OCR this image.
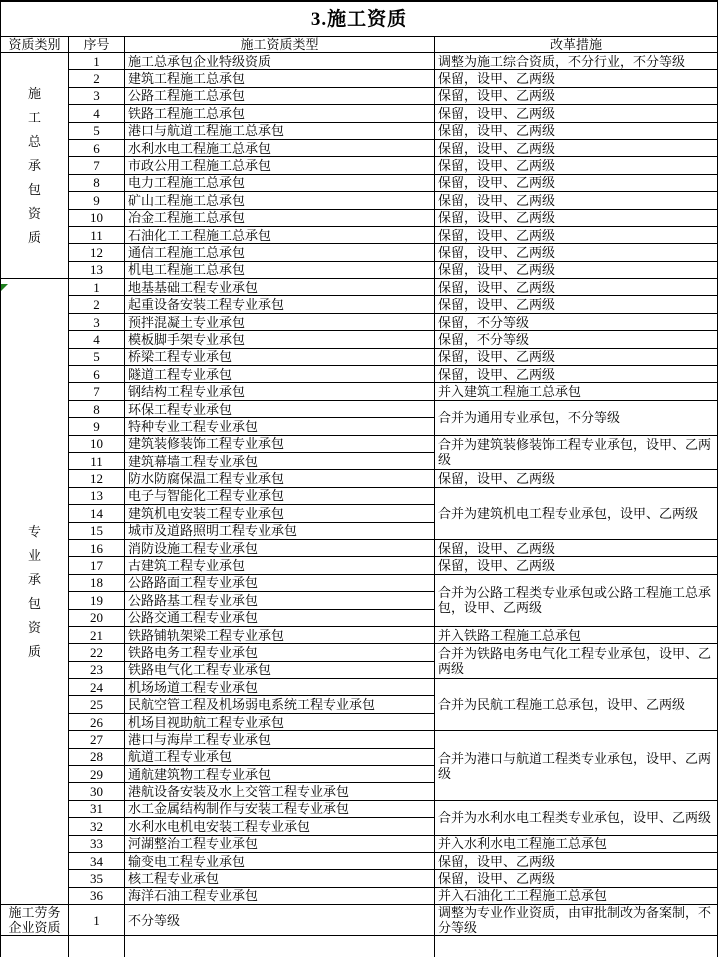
3.施工资质			
资质类别	序号	施工资质类型	改革措施

施
工
总
承
包
资
质
	1	施工总承包企业特级资质	调整为施工综合资质，不分行业，不分等级
	2	建筑工程施工总承包	保留，设甲、乙两级
	3	公路工程施工总承包	保留，设甲、乙两级
	4	铁路工程施工总承包	保留，设甲、乙两级
	5	港口与航道工程施工总承包	保留，设甲、乙两级
	6	水利水电工程施工总承包	保留，设甲、乙两级
	7	市政公用工程施工总承包	保留，设甲、乙两级
	8	电力工程施工总承包	保留，设甲、乙两级
	9	矿山工程施工总承包	保留，设甲、乙两级
	10	冶金工程施工总承包	保留，设甲、乙两级
	11	石油化工工程施工总承包	保留，设甲、乙两级
	12	通信工程施工总承包	保留，设甲、乙两级
	13	机电工程施工总承包	保留，设甲、乙两级

专
业
承
包
资
质
	1	地基基础工程专业承包	保留，设甲、乙两级
	2	起重设备安装工程专业承包	保留，设甲、乙两级
	3	预拌混凝土专业承包	保留，不分等级
	4	模板脚手架专业承包	保留，不分等级
	5	桥梁工程专业承包	保留，设甲、乙两级
	6	隧道工程专业承包	保留，设甲、乙两级
	7	钢结构工程专业承包	并入建筑工程施工总承包
	8	环保工程专业承包	合并为通用专业承包，不分等级
	9	特种专业工程专业承包	
	10	建筑装修装饰工程专业承包	合并为建筑装修装饰工程专业承包，设甲、乙两级
	11	建筑幕墙工程专业承包	
	12	防水防腐保温工程专业承包	保留，设甲、乙两级
	13	电子与智能化工程专业承包	合并为建筑机电工程专业承包，设甲、乙两级
	14	建筑机电安装工程专业承包	
	15	城市及道路照明工程专业承包	
	16	消防设施工程专业承包	保留，设甲、乙两级
	17	古建筑工程专业承包	保留，设甲、乙两级
	18	公路路面工程专业承包	合并为公路工程类专业承包或公路工程施工总承包，设甲、乙两级
	19	公路路基工程专业承包	
	20	公路交通工程专业承包	
	21	铁路铺轨架梁工程专业承包	并入铁路工程施工总承包
	22	铁路电务工程专业承包	合并为铁路电务电气化工程专业承包，设甲、乙两级
	23	铁路电气化工程专业承包	
	24	机场场道工程专业承包	合并为民航工程施工总承包，设甲、乙两级
	25	民航空管工程及机场弱电系统工程专业承包	
	26	机场目视助航工程专业承包	
	27	港口与海岸工程专业承包	合并为港口与航道工程类专业承包，设甲、乙两级
	28	航道工程专业承包	
	29	通航建筑物工程专业承包	
	30	港航设备安装及水上交管工程专业承包	
	31	水工金属结构制作与安装工程专业承包	合并为水利水电工程类专业承包，设甲、乙两级
	32	水利水电机电安装工程专业承包	
	33	河湖整治工程专业承包	并入水利水电工程施工总承包
	34	输变电工程专业承包	保留，设甲、乙两级
	35	核工程专业承包	保留，设甲、乙两级
	36	海洋石油工程专业承包	并入石油化工工程施工总承包
施工劳务企业资质	1	不分等级	调整为专业作业资质，由审批制改为备案制，不分等级
